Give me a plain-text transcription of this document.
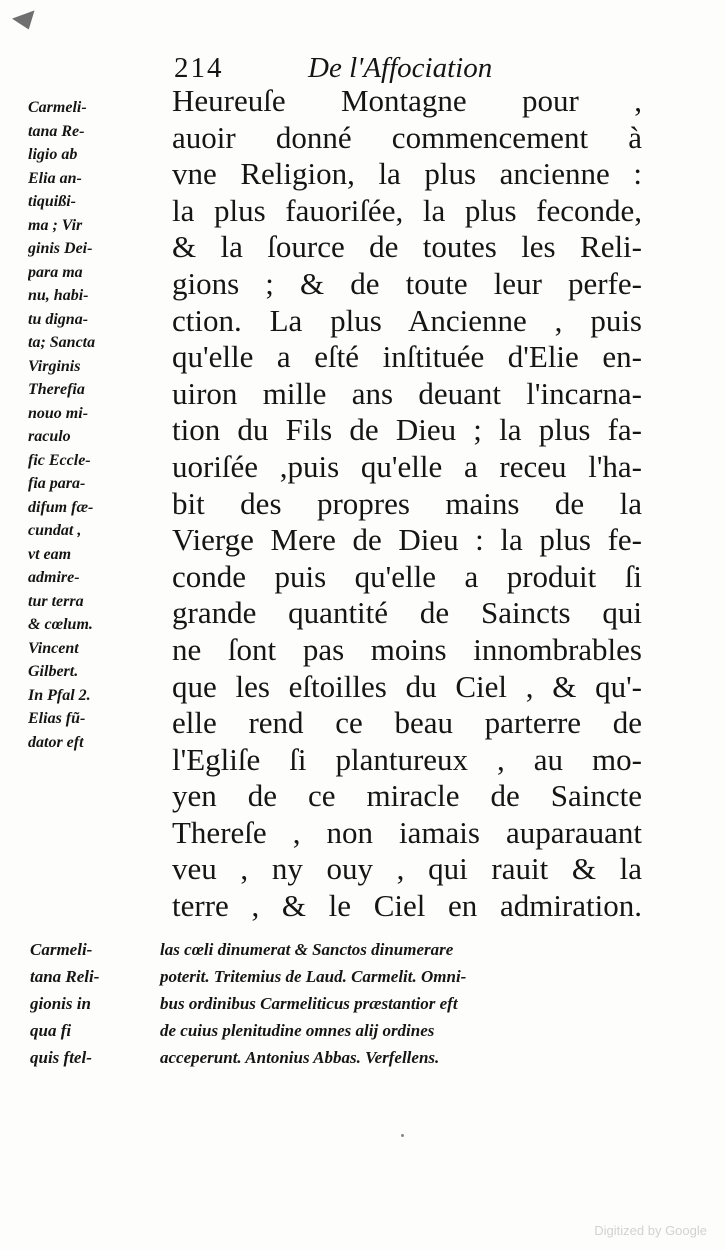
214	De l'Affociation
Carmeli-
tana Re-
ligio ab
Elia an-
tiquißi-
ma ; Vir
ginis Dei-
para ma
nu, habi-
tu digna-
ta; Sancta
Virginis
Therefia
nouo mi-
raculo
fic Eccle-
fia para-
difum fæ-
cundat ,
vt eam
admire-
tur terra
& cœlum.
Vincent
Gilbert.
In Pfal 2.
Elias fũ-
dator eft
Heureuſe Montagne pour ,
auoir donné commencement à
vne Religion, la plus ancienne :
la plus fauoriſée, la plus feconde,
& la ſource de toutes les Reli-
gions ; & de toute leur perfe-
ction. La plus Ancienne , puis
qu'elle a eſté inſtituée d'Elie en-
uiron mille ans deuant l'incarna-
tion du Fils de Dieu ; la plus fa-
uoriſée ,puis qu'elle a receu l'ha-
bit des propres mains de la
Vierge Mere de Dieu : la plus fe-
conde puis qu'elle a produit ſi
grande quantité de Saincts qui
ne ſont pas moins innombrables
que les eſtoilles du Ciel , & qu'-
elle rend ce beau parterre de
l'Egliſe ſi plantureux , au mo-
yen de ce miracle de Saincte
Thereſe , non iamais auparauant
veu , ny ouy , qui rauit & la
terre , & le Ciel en admiration.
Carmeli-	las cœli dinumerat & Sanctos dinumerare
tana Reli-	poterit. Tritemius de Laud. Carmelit. Omni-
gionis in	bus ordinibus Carmeliticus præstantior eft
qua fi	de cuius plenitudine omnes alij ordines
quis ftel-	acceperunt. Antonius Abbas. Verfellens.
Digitized by Google
